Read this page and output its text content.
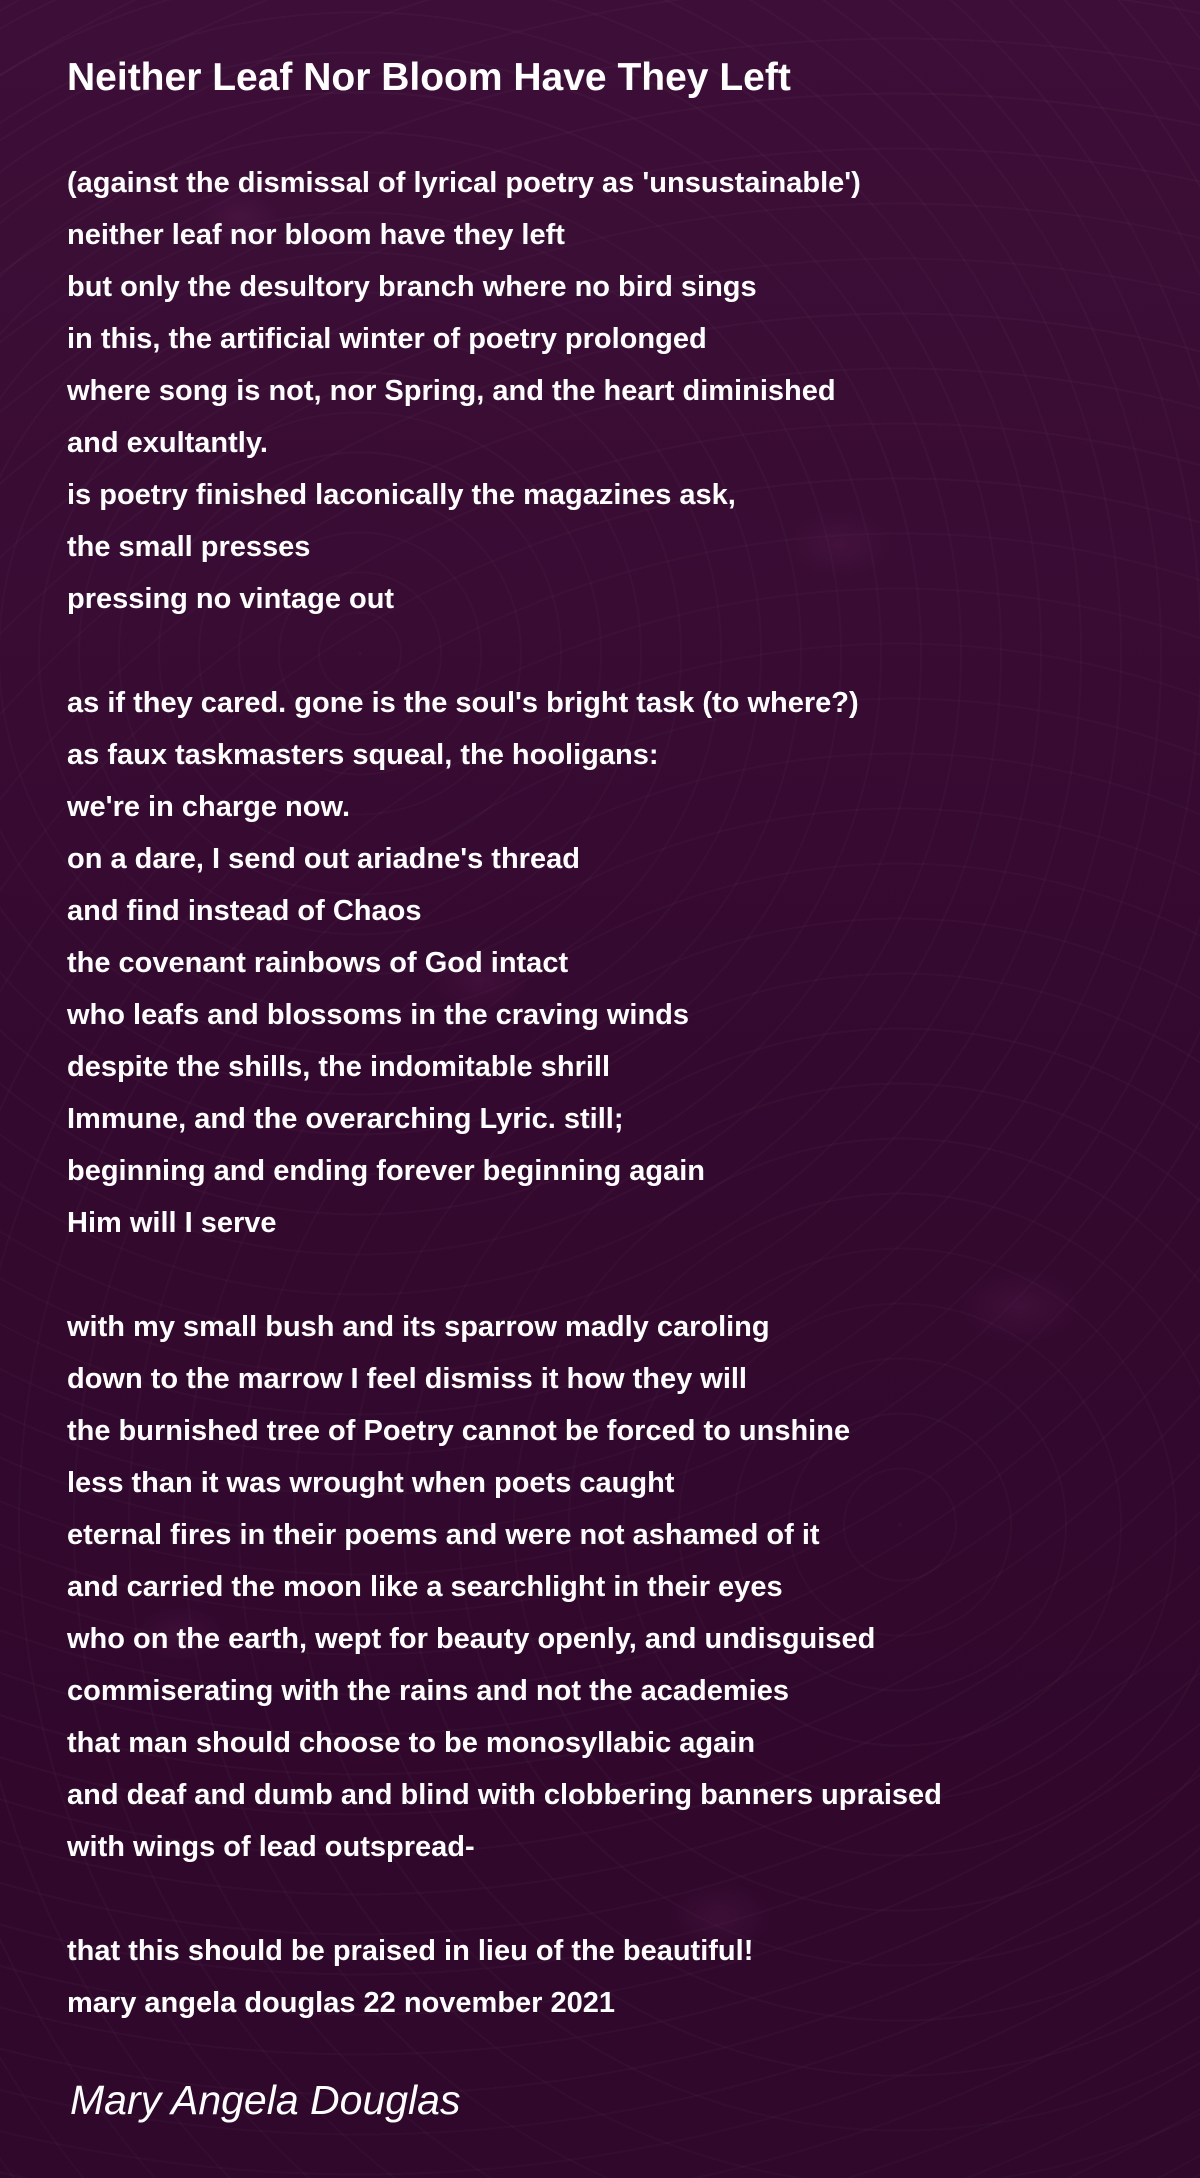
Neither Leaf Nor Bloom Have They Left
(against the dismissal of lyrical poetry as 'unsustainable')
neither leaf nor bloom have they left
but only the desultory branch where no bird sings
in this, the artificial winter of poetry prolonged
where song is not, nor Spring, and the heart diminished
and exultantly.
is poetry finished laconically the magazines ask,
the small presses
pressing no vintage out
as if they cared. gone is the soul's bright task (to where?)
as faux taskmasters squeal, the hooligans:
we're in charge now.
on a dare, I send out ariadne's thread
and find instead of Chaos
the covenant rainbows of God intact
who leafs and blossoms in the craving winds
despite the shills, the indomitable shrill
Immune, and the overarching Lyric. still;
beginning and ending forever beginning again
Him will I serve
with my small bush and its sparrow madly caroling
down to the marrow I feel dismiss it how they will
the burnished tree of Poetry cannot be forced to unshine
less than it was wrought when poets caught
eternal fires in their poems and were not ashamed of it
and carried the moon like a searchlight in their eyes
who on the earth, wept for beauty openly, and undisguised
commiserating with the rains and not the academies
that man should choose to be monosyllabic again
and deaf and dumb and blind with clobbering banners upraised
with wings of lead outspread-
that this should be praised in lieu of the beautiful!
mary angela douglas 22 november 2021

Mary Angela Douglas
